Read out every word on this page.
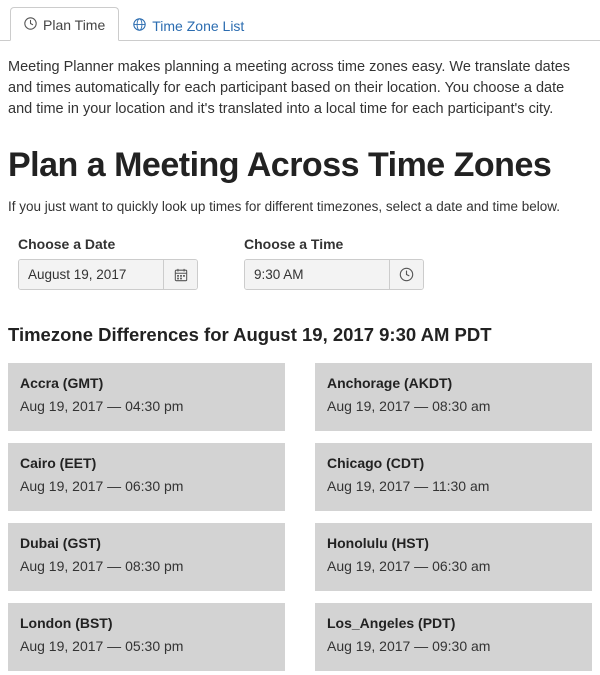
Plan Time	Time Zone List

Meeting Planner makes planning a meeting across time zones easy. We translate dates and times automatically for each participant based on their location. You choose a date and time in your location and it's translated into a local time for each participant's city.

Plan a Meeting Across Time Zones

If you just want to quickly look up times for different timezones, select a date and time below.

Choose a Date
August 19, 2017	Choose a Time
9:30 AM
Timezone Differences for August 19, 2017 9:30 AM PDT
Accra (GMT)
Aug 19, 2017 — 04:30 pm
Anchorage (AKDT)
Aug 19, 2017 — 08:30 am
Cairo (EET)
Aug 19, 2017 — 06:30 pm
Chicago (CDT)
Aug 19, 2017 — 11:30 am
Dubai (GST)
Aug 19, 2017 — 08:30 pm
Honolulu (HST)
Aug 19, 2017 — 06:30 am
London (BST)
Aug 19, 2017 — 05:30 pm
Los_Angeles (PDT)
Aug 19, 2017 — 09:30 am
